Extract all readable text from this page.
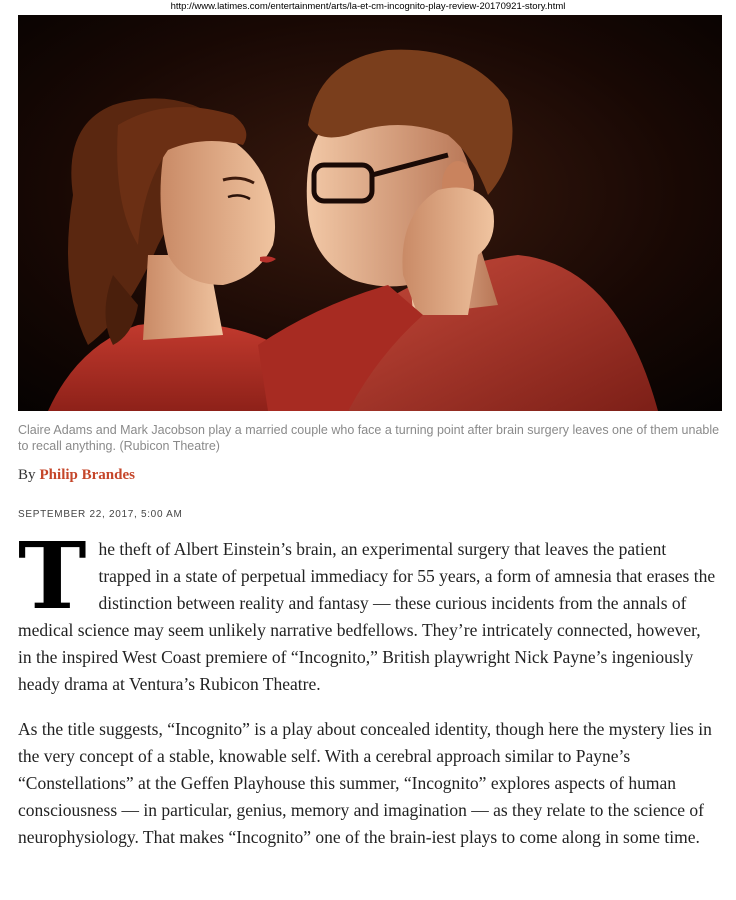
http://www.latimes.com/entertainment/arts/la-et-cm-incognito-play-review-20170921-story.html
Claire Adams and Mark Jacobson play a married couple who face a turning point after brain surgery leaves one of them unable to recall anything. (Rubicon Theatre)
By Philip Brandes
SEPTEMBER 22, 2017, 5:00 AM

The theft of Albert Einstein’s brain, an experimental surgery that leaves the patient trapped in a state of perpetual immediacy for 55 years, a form of amnesia that erases the distinction between reality and fantasy — these curious incidents from the annals of medical science may seem unlikely narrative bedfellows. They’re intricately connected, however, in the inspired West Coast premiere of “Incognito,” British playwright Nick Payne’s ingeniously heady drama at Ventura’s Rubicon Theatre.

As the title suggests, “Incognito” is a play about concealed identity, though here the mystery lies in the very concept of a stable, knowable self. With a cerebral approach similar to Payne’s “Constellations” at the Geffen Playhouse this summer, “Incognito” explores aspects of human consciousness — in particular, genius, memory and imagination — as they relate to the science of neurophysiology. That makes “Incognito” one of the brain-iest plays to come along in some time.
